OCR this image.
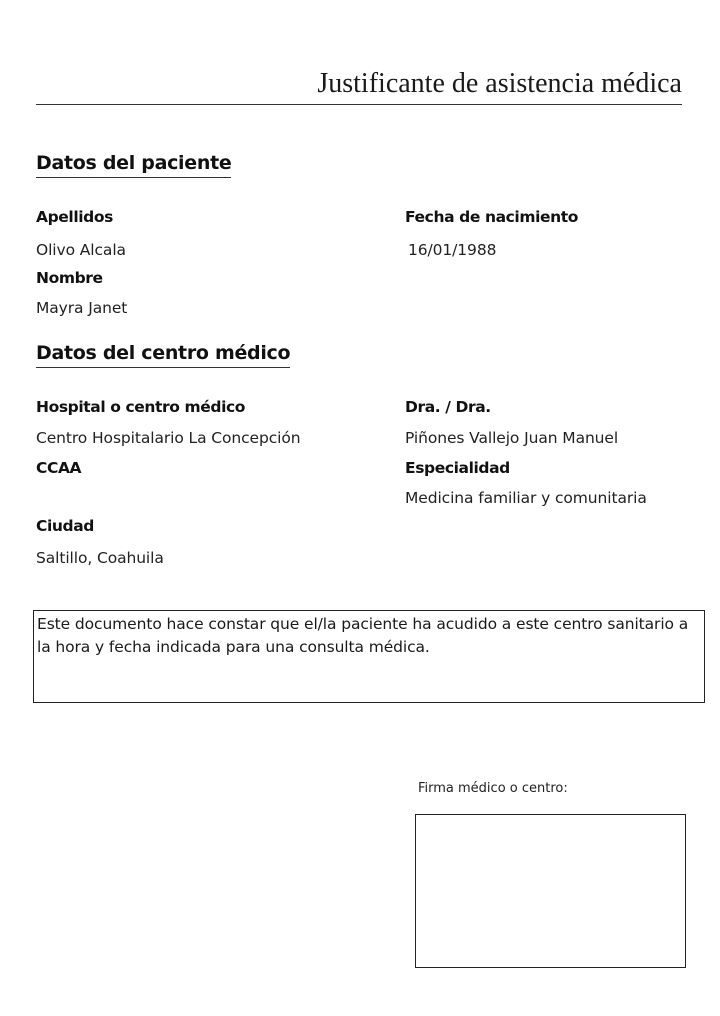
Justificante de asistencia médica
Datos del paciente
Apellidos
Olivo Alcala
Fecha de nacimiento
16/01/1988
Nombre
Mayra Janet
Datos del centro médico
Hospital o centro médico
Centro Hospitalario La Concepción
Dra. / Dra.
Piñones Vallejo Juan Manuel
CCAA	Especialidad
Medicina familiar y comunitaria
Ciudad
Saltillo, Coahuila
Este documento hace constar que el/la paciente ha acudido a este centro sanitario a la hora y fecha indicada para una consulta médica.
Firma médico o centro:
